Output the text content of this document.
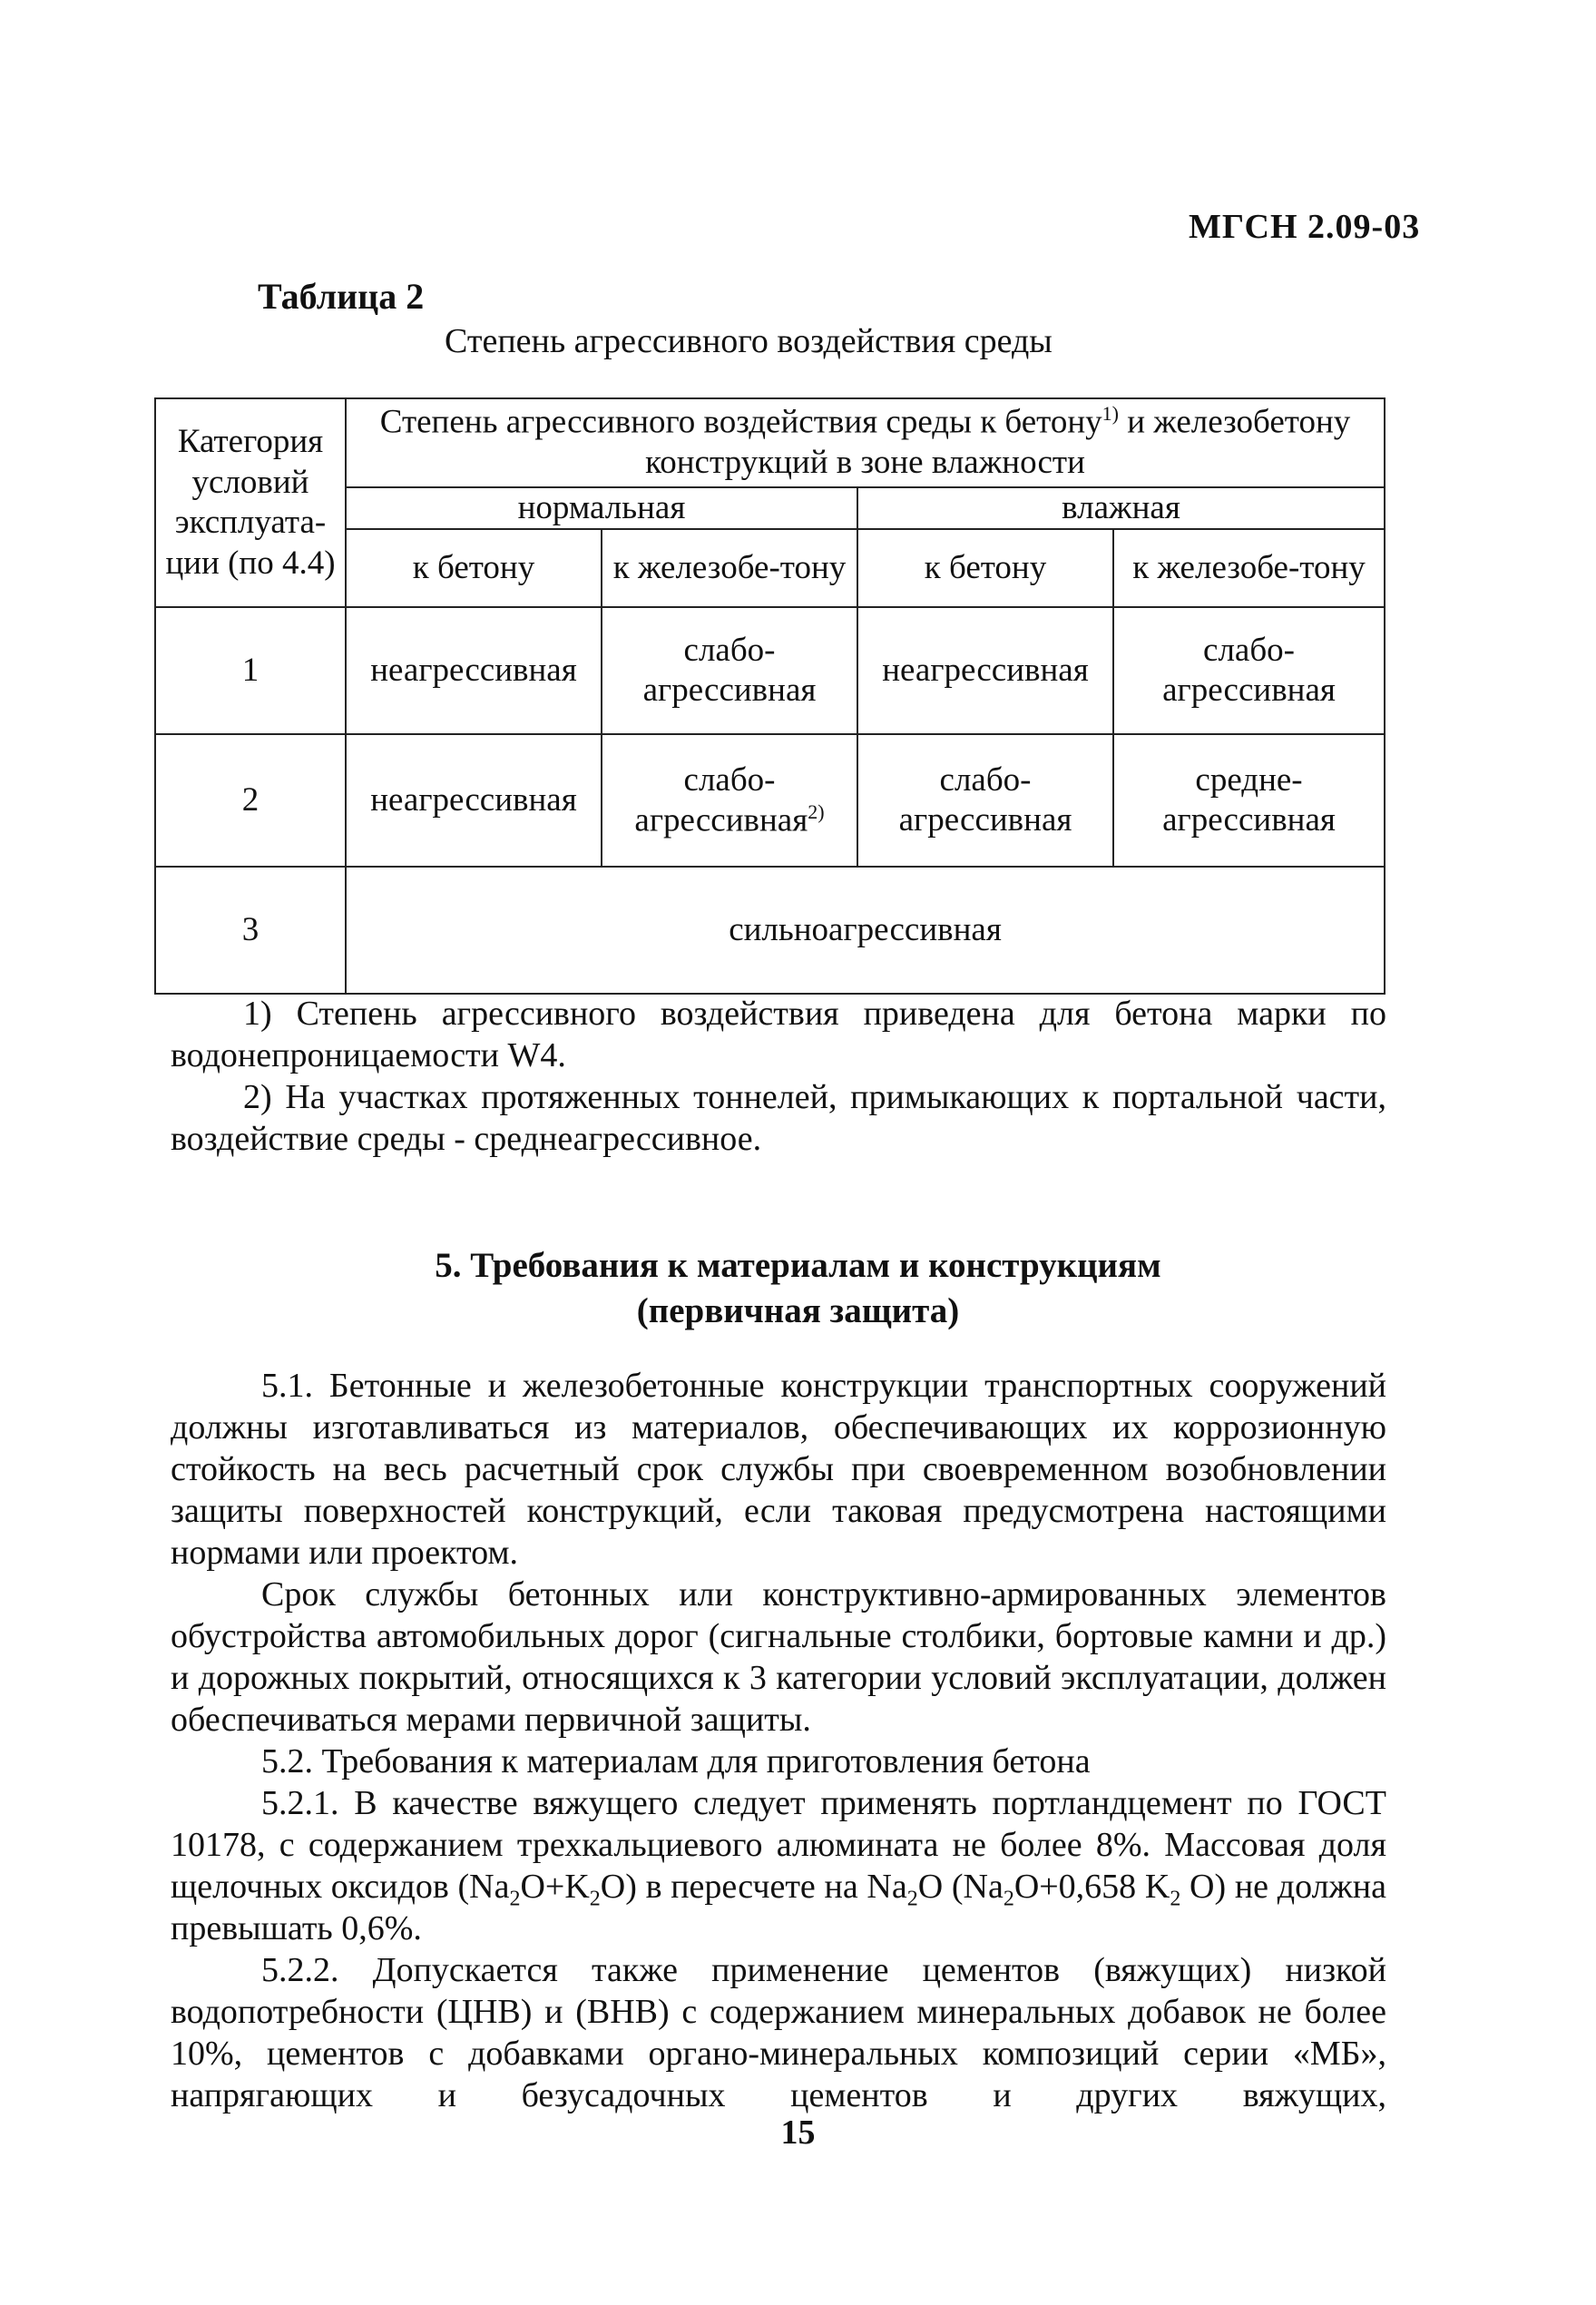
МГСН 2.09-03
Таблица 2
Степень агрессивного воздействия среды
Категория условий эксплуата-ции (по 4.4)	Степень агрессивного воздействия среды к бетону$^{1)}$ и железобетону конструкций в зоне влажности			
	нормальная		влажная	
	к бетону	к железобе-тону	к бетону	к железобе-тону
1	неагрессивная	слабо-агрессивная	неагрессивная	слабо-агрессивная
2	неагрессивная	слабо-агрессивная$^{2)}$	слабо-агрессивная	средне-агрессивная
3	сильноагрессивная			

1) Степень агрессивного воздействия приведена для бетона марки по водонепроницаемости W4.

2) На участках протяженных тоннелей, примыкающих к портальной части, воздействие среды - среднеагрессивное.

5. Требования к материалам и конструкциям
(первичная защита)

5.1. Бетонные и железобетонные конструкции транспортных сооружений должны изготавливаться из материалов, обеспечивающих их коррозионную стойкость на весь расчетный срок службы при своевременном возобновлении защиты поверхностей конструкций, если таковая предусмотрена настоящими нормами или проектом.

Срок службы бетонных или конструктивно-армированных элементов обустройства автомобильных дорог (сигнальные столбики, бортовые камни и др.) и дорожных покрытий, относящихся к 3 категории условий эксплуатации, должен обеспечиваться мерами первичной защиты.

5.2. Требования к материалам для приготовления бетона

5.2.1. В качестве вяжущего следует применять портландцемент по ГОСТ 10178, с содержанием трехкальциевого алюмината не более 8%. Массовая доля щелочных оксидов $(Na_2O+K_2O)$ в пересчете на $Na_2O$ ($Na_2O+0,658$ $K_2$ O) не должна превышать 0,6%.

5.2.2. Допускается также применение цементов (вяжущих) низкой водопотребности (ЦНВ) и (ВНВ) с содержанием минеральных добавок не более 10%, цементов с добавками органо-минеральных композиций серии «МБ», напрягающих и безусадочных цементов и других вяжущих,

15
